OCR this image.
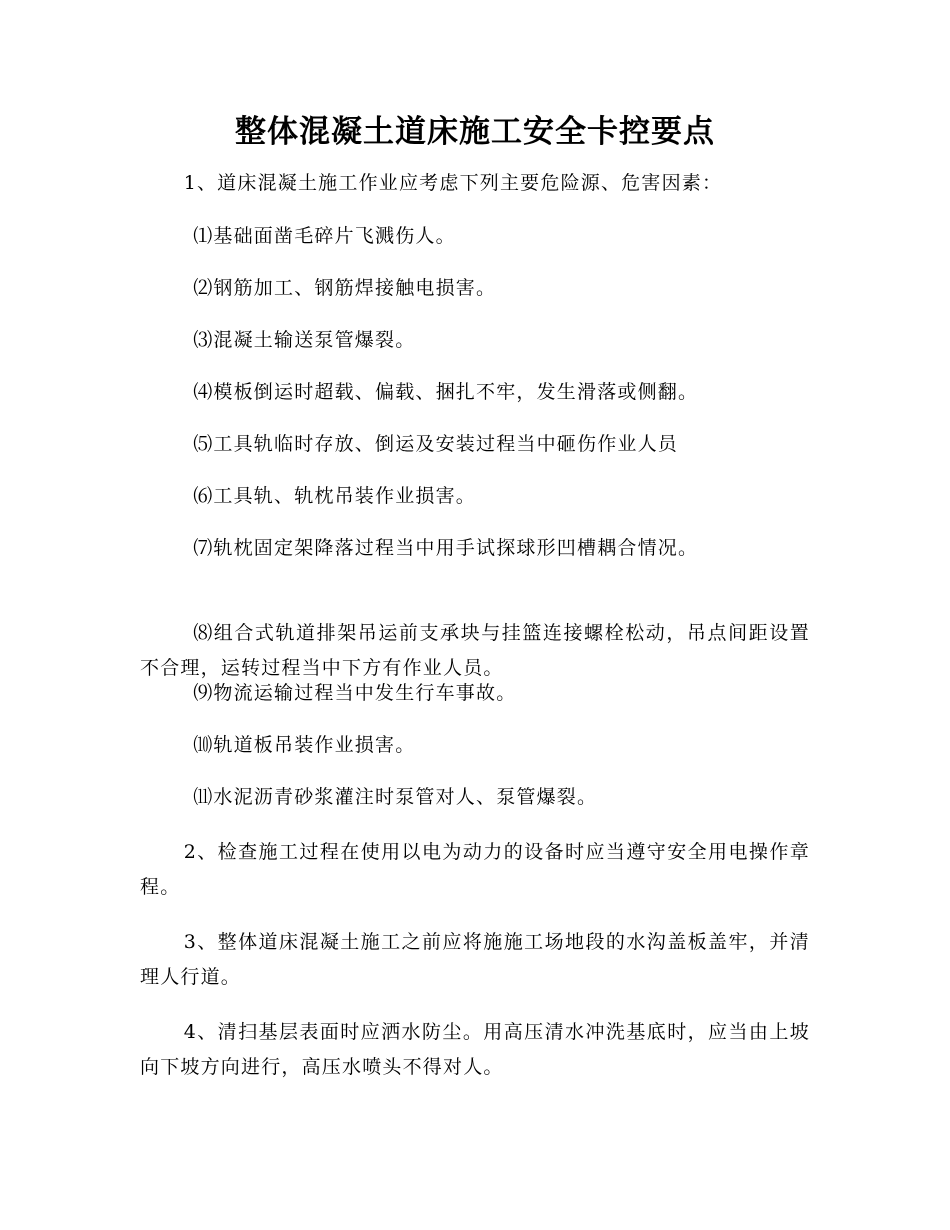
整体混凝土道床施工安全卡控要点

1、道床混凝土施工作业应考虑下列主要危险源、危害因素：

⑴基础面凿毛碎片飞溅伤人。

⑵钢筋加工、钢筋焊接触电损害。

⑶混凝土输送泵管爆裂。

⑷模板倒运时超载、偏载、捆扎不牢，发生滑落或侧翻。

⑸工具轨临时存放、倒运及安装过程当中砸伤作业人员

⑹工具轨、轨枕吊装作业损害。

⑺轨枕固定架降落过程当中用手试探球形凹槽耦合情况。

⑻组合式轨道排架吊运前支承块与挂篮连接螺栓松动，吊点间距设置不合理，运转过程当中下方有作业人员。

⑼物流运输过程当中发生行车事故。

⑽轨道板吊装作业损害。

⑾水泥沥青砂浆灌注时泵管对人、泵管爆裂。

2、检查施工过程在使用以电为动力的设备时应当遵守安全用电操作章程。

3、整体道床混凝土施工之前应将施施工场地段的水沟盖板盖牢，并清理人行道。

4、清扫基层表面时应洒水防尘。用高压清水冲洗基底时，应当由上坡向下坡方向进行，高压水喷头不得对人。
